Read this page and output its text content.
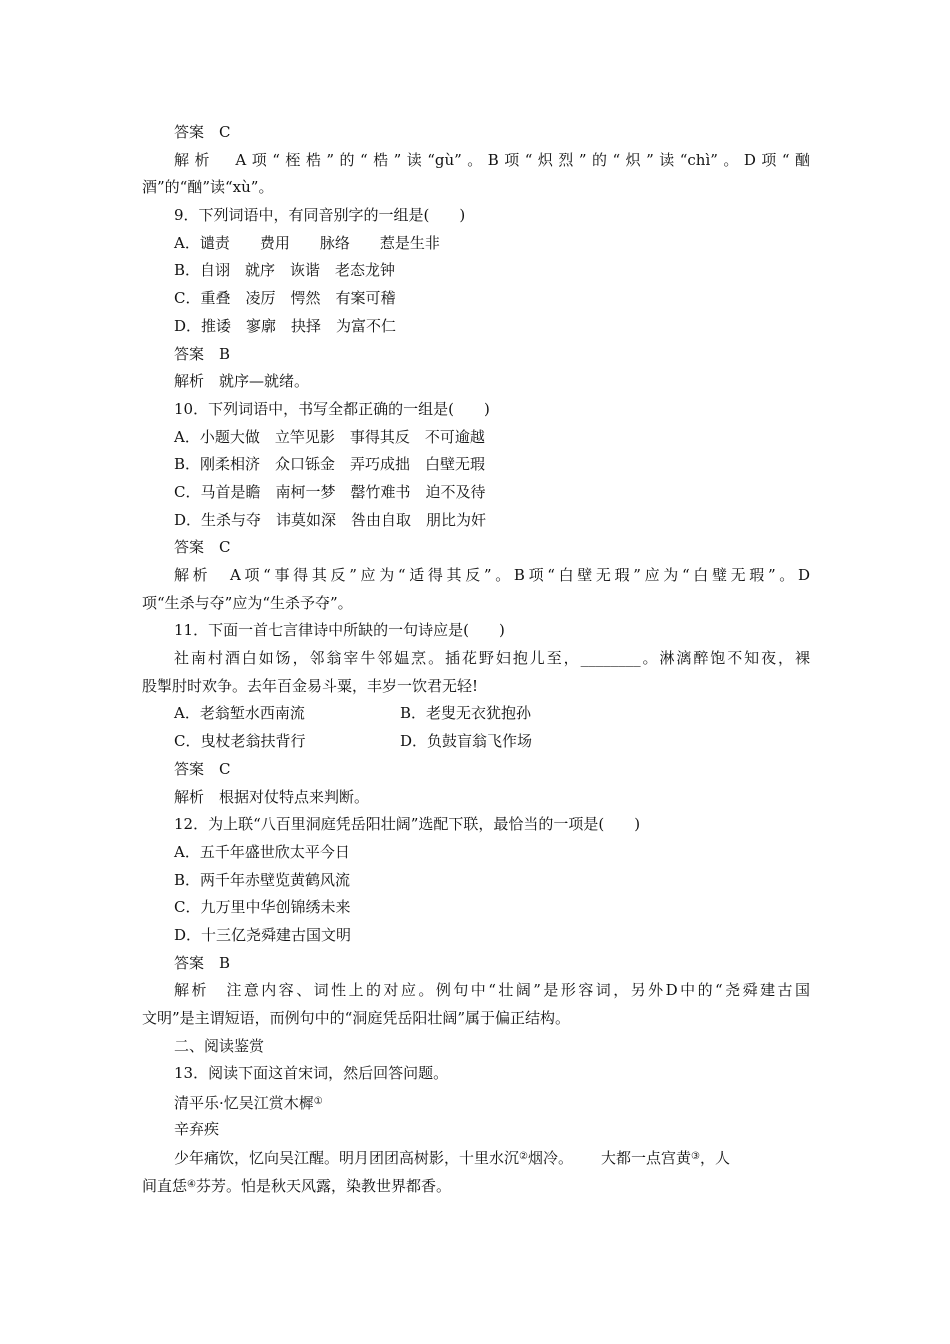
答案　C
解析　A项“桎梏”的“梏”读“gù”。B项“炽烈”的“炽”读“chì”。D项“酗
酒”的“酗”读“xù”。
9．下列词语中，有同音别字的一组是(　　)
A．谴责　　费用　　脉络　　惹是生非
B．自诩　就序　诙谐　老态龙钟
C．重叠　凌厉　愕然　有案可稽
D．推诿　寥廓　抉择　为富不仁
答案　B
解析　就序—就绪。
10．下列词语中，书写全都正确的一组是(　　)
A．小题大做　立竿见影　事得其反　不可逾越
B．刚柔相济　众口铄金　弄巧成拙　白壁无瑕
C．马首是瞻　南柯一梦　罄竹难书　迫不及待
D．生杀与夺　讳莫如深　咎由自取　朋比为奸
答案　C
解析　A项“事得其反”应为“适得其反”。B项“白壁无瑕”应为“白璧无瑕”。D
项“生杀与夺”应为“生杀予夺”。
11．下面一首七言律诗中所缺的一句诗应是(　　)
社南村酒白如饧，邻翁宰牛邻媪烹。插花野妇抱儿至，________。淋漓醉饱不知夜，裸
股掣肘时欢争。去年百金易斗粟，丰岁一饮君无轻!
A．老翁堑水西南流	B．老叟无衣犹抱孙
C．曳杖老翁扶背行	D．负鼓盲翁飞作场
答案　C
解析　根据对仗特点来判断。
12．为上联“八百里洞庭凭岳阳壮阔”选配下联，最恰当的一项是(　　)
A．五千年盛世欣太平今日
B．两千年赤壁览黄鹤风流
C．九万里中华创锦绣未来
D．十三亿尧舜建古国文明
答案　B
解析　注意内容、词性上的对应。例句中“壮阔”是形容词，另外D中的“尧舜建古国
文明”是主谓短语，而例句中的“洞庭凭岳阳壮阔”属于偏正结构。
二、阅读鉴赏
13．阅读下面这首宋词，然后回答问题。
清平乐·忆吴江赏木樨①
辛弃疾
少年痛饮，忆向吴江醒。明月团团高树影，十里水沉②烟冷。 大都一点宫黄③，人
间直恁④芬芳。怕是秋天风露，染教世界都香。
